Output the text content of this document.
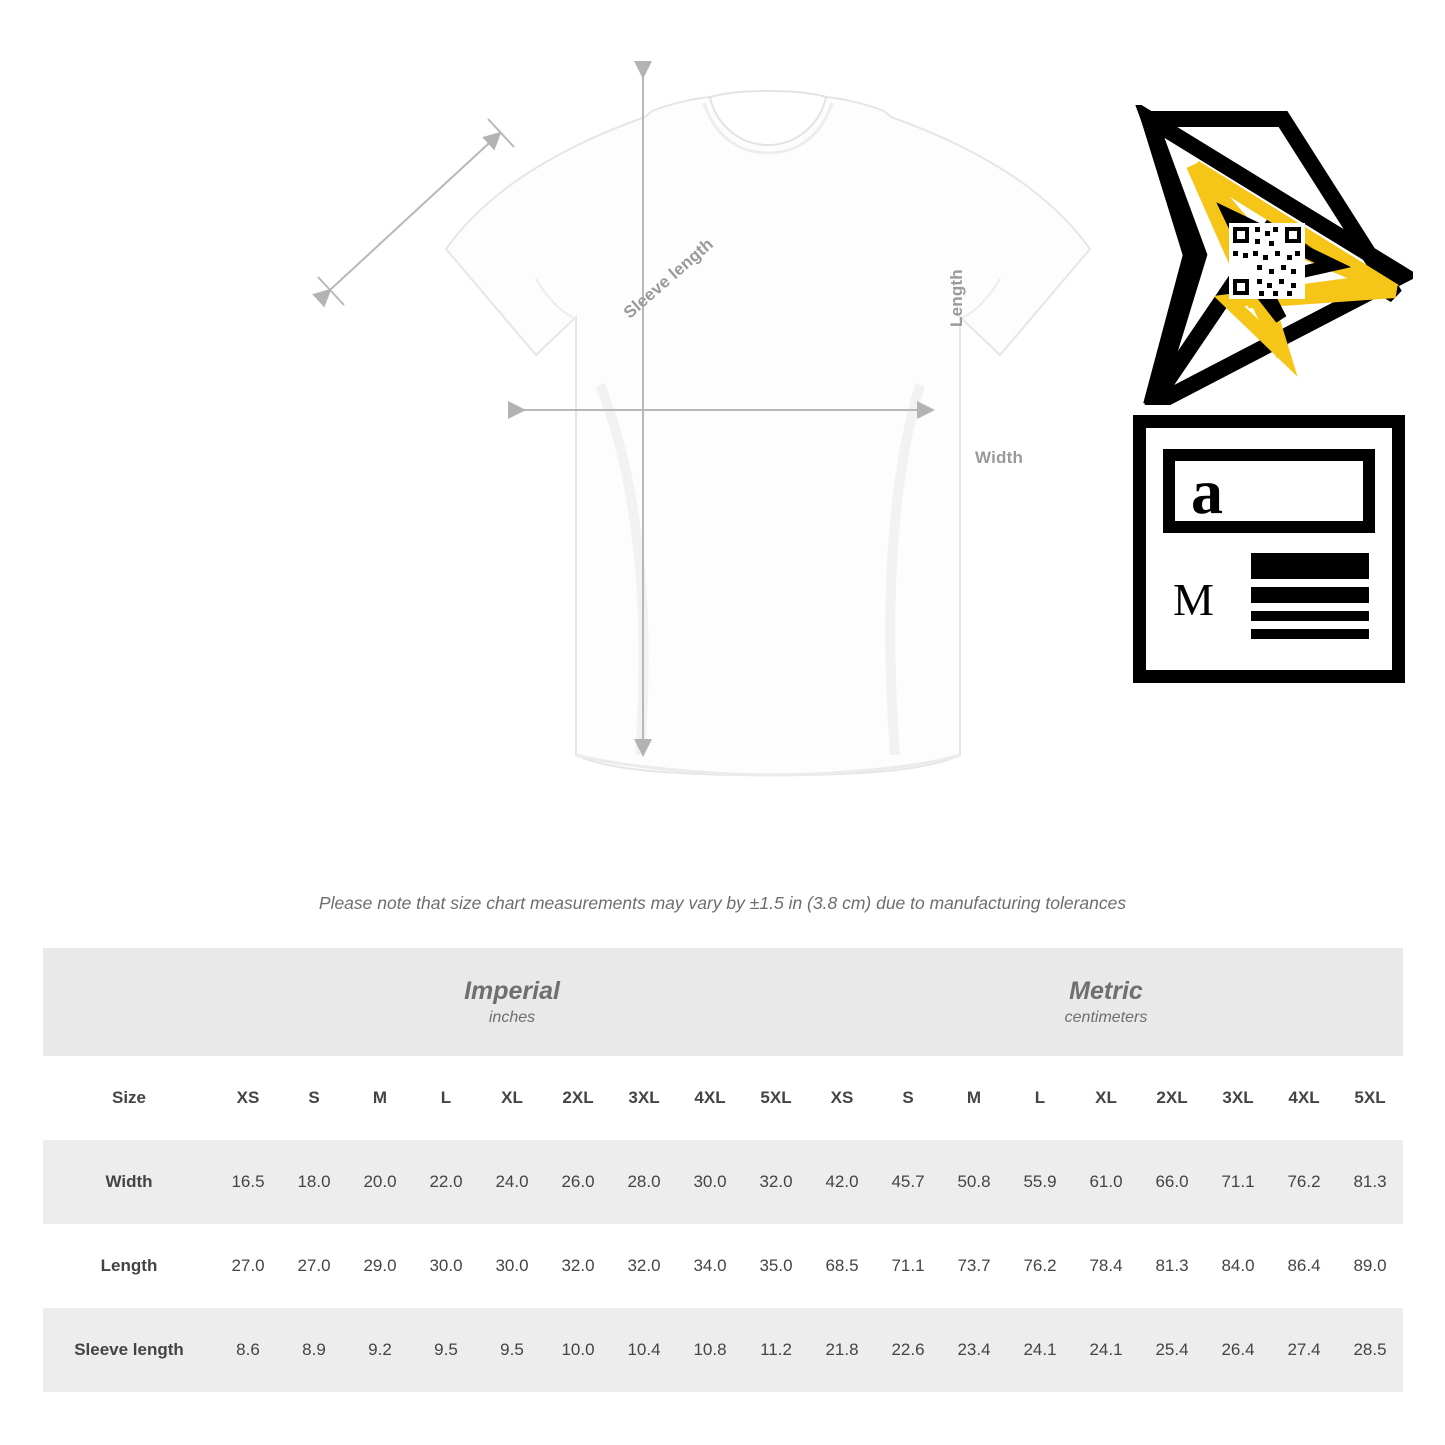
Width
Length
Sleeve length
a
M
Please note that size chart measurements may vary by ±1.5 in (3.8 cm) due to manufacturing tolerances

Imperial
inches

Metric
centimeters

Size	XS	S	M	L	XL	2XL	3XL	4XL	5XL	XS	S	M	L	XL	2XL	3XL	4XL	5XL
Width	16.5	18.0	20.0	22.0	24.0	26.0	28.0	30.0	32.0	42.0	45.7	50.8	55.9	61.0	66.0	71.1	76.2	81.3
Length	27.0	27.0	29.0	30.0	30.0	32.0	32.0	34.0	35.0	68.5	71.1	73.7	76.2	78.4	81.3	84.0	86.4	89.0
Sleeve length	8.6	8.9	9.2	9.5	9.5	10.0	10.4	10.8	11.2	21.8	22.6	23.4	24.1	24.1	25.4	26.4	27.4	28.5
